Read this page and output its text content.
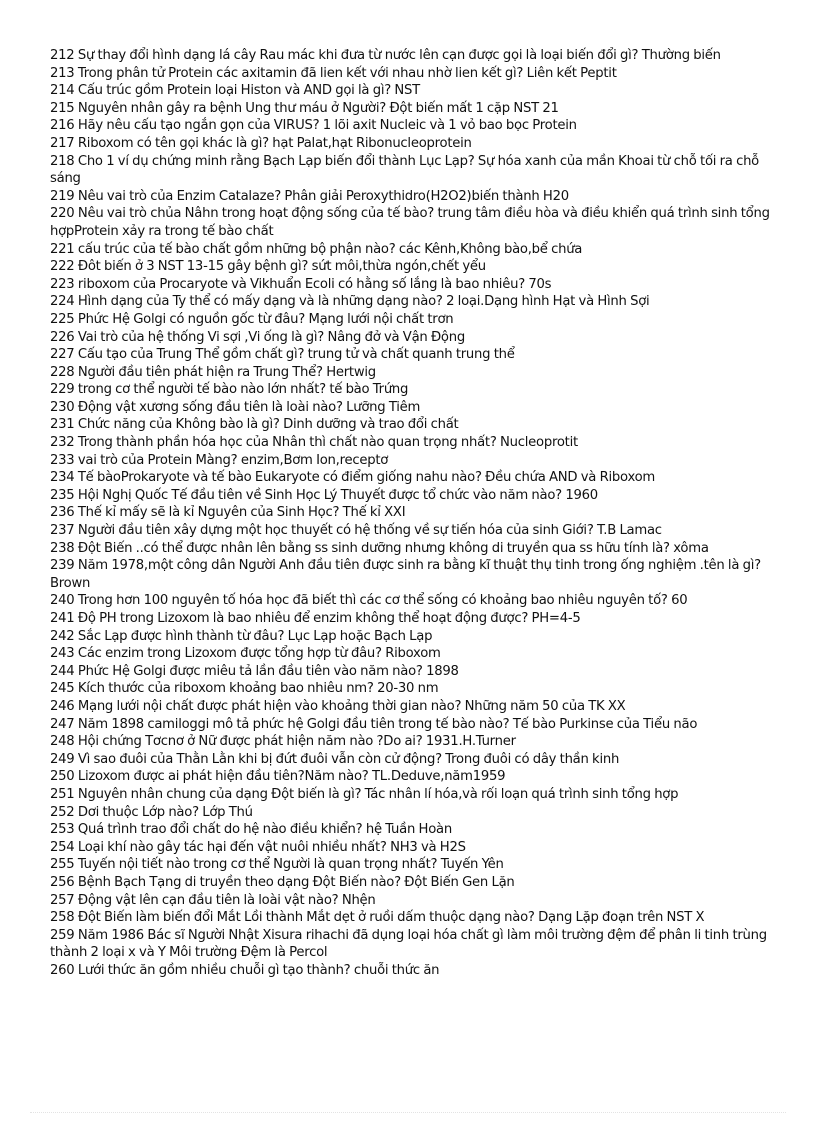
212 Sự thay đổi hình dạng lá cây Rau mác khi đưa từ nước lên cạn được gọi là loại biến đổi gì? Thường biến
213 Trong phân tử Protein các axitamin đã lien kết với nhau nhờ lien kết gì? Liên kết Peptit
214 Cấu trúc gồm Protein loại Histon và AND gọi là gì? NST
215 Nguyên nhân gây ra bệnh Ung thư máu ở Người? Đột biến mất 1 cặp NST 21
216 Hãy nêu cấu tạo ngắn gọn của VIRUS? 1 lõi axit Nucleic và 1 vỏ bao bọc Protein
217 Riboxom có tên gọi khác là gì? hạt Palat,hạt Ribonucleoprotein
218 Cho 1 ví dụ chứng minh rằng Bạch Lạp biến đổi thành Lục Lạp? Sự hóa xanh của mần Khoai từ chỗ tối ra chỗ sáng
219 Nêu vai trò của Enzim Catalaze? Phân giải Peroxythidro(H2O2)biến thành H20
220 Nêu vai trò chủa Nâhn trong hoạt động sống của tế bào? trung tâm điều hòa và điều khiển quá trình sinh tổng hợpProtein xảy ra trong tế bào chất
221 cấu trúc của tế bào chất gồm những bộ phận nào? các Kênh,Không bào,bể chứa
222 Đôt biến ở 3 NST 13-15 gây bệnh gì? sứt môi,thừa ngón,chết yểu
223 riboxom của Procaryote và Vikhuẩn Ecoli có hằng số lắng là bao nhiêu? 70s
224 Hình dạng của Ty thể có mấy dạng và là những dạng nào? 2 loại.Dạng hình Hạt và Hình Sợi
225 Phức Hệ Golgi có nguồn gốc từ đâu? Mạng lưới nội chất trơn
226 Vai trò của hệ thống Vi sợi ,Vi ống là gì? Nâng đở và Vận Động
227 Cấu tạo của Trung Thể gồm chất gì? trung tử và chất quanh trung thể
228 Người đầu tiên phát hiện ra Trung Thể? Hertwig
229 trong cơ thể người tế bào nào lớn nhất? tế bào Trứng
230 Động vật xương sống đầu tiên là loài nào? Lưỡng Tiêm
231 Chức năng của Không bào là gì? Dinh dưỡng và trao đổi chất
232 Trong thành phần hóa học của Nhân thì chất nào quan trọng nhất? Nucleoprotit
233 vai trò của Protein Màng? enzim,Bơm Ion,receptơ
234 Tế bàoProkaryote và tế bào Eukaryote có điểm giống nahu nào? Đều chứa AND và Riboxom
235 Hội Nghị Quốc Tế đầu tiên về Sinh Học Lý Thuyết được tổ chức vào năm nào? 1960
236 Thế kỉ mấy sẽ là kỉ Nguyên của Sinh Học? Thế kỉ XXI
237 Người đầu tiên xây dựng một học thuyết có hệ thống về sự tiến hóa của sinh Giới? T.B Lamac
238 Đột Biến ..có thể được nhân lên bằng ss sinh dưỡng nhưng không di truyền qua ss hữu tính là? xôma
239 Năm 1978,một công dân Người Anh đầu tiên được sinh ra bằng kĩ thuật thụ tinh trong ống nghiệm .tên là gì? Brown
240 Trong hơn 100 nguyên tố hóa học đã biết thì các cơ thể sống có khoảng bao nhiêu nguyên tố? 60
241 Độ PH trong Lizoxom là bao nhiêu để enzim không thể hoạt động được? PH=4-5
242 Sắc Lạp được hình thành từ đâu? Lục Lạp hoặc Bạch Lạp
243 Các enzim trong Lizoxom được tổng hợp từ đâu? Riboxom
244 Phức Hệ Golgi được miêu tả lần đầu tiên vào năm nào? 1898
245 Kích thước của riboxom khoảng bao nhiêu nm? 20-30 nm
246 Mạng lưới nội chất được phát hiện vào khoảng thời gian nào? Những năm 50 của TK XX
247 Năm 1898 camiloggi mô tả phức hệ Golgi đầu tiên trong tế bào nào? Tế bào Purkinse của Tiểu não
248 Hội chứng Tơcnơ ở Nữ được phát hiện năm nào ?Do ai? 1931.H.Turner
249 Vì sao đuôi của Thằn Lằn khi bị đứt đuôi vẫn còn cử động? Trong đuôi có dây thần kinh
250 Lizoxom được ai phát hiện đầu tiên?Năm nào? TL.Deduve,năm1959
251 Nguyên nhân chung của dạng Đột biến là gì? Tác nhân lí hóa,và rối loạn quá trình sinh tổng hợp
252 Dơi thuộc Lớp nào? Lớp Thú
253 Quá trình trao đổi chất do hệ nào điều khiển? hệ Tuần Hoàn
254 Loại khí nào gây tác hại đến vật nuôi nhiều nhất? NH3 và H2S
255 Tuyến nội tiết nào trong cơ thể Người là quan trọng nhất? Tuyến Yên
256 Bệnh Bạch Tạng di truyền theo dạng Đột Biến nào? Đột Biến Gen Lặn
257 Động vật lên cạn đầu tiên là loài vật nào? Nhện
258 Đột Biến làm biến đổi Mắt Lồi thành Mắt dẹt ở ruồi dấm thuộc dạng nào? Dạng Lặp đoạn trên NST X
259 Năm 1986 Bác sĩ Người Nhật Xisura rihachi đã dụng loại hóa chất gì làm môi trường đệm để phân li tinh trùng thành 2 loại x và Y Môi trường Đệm là Percol
260 Lưới thức ăn gồm nhiều chuỗi gì tạo thành? chuỗi thức ăn
